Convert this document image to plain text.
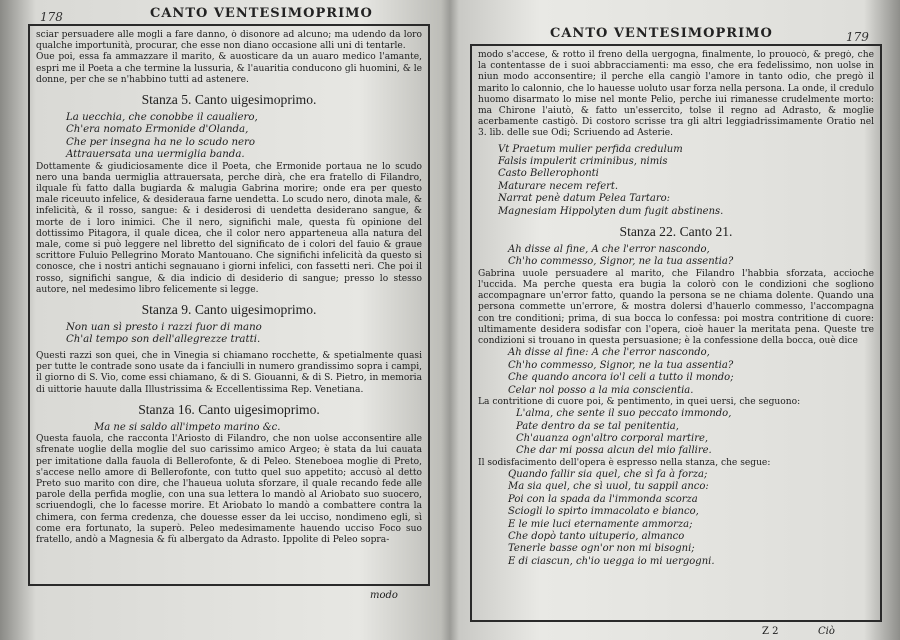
178	CANTO VENTESIMOPRIMO

sciar persuadere alle mogli a fare danno, ò disonore ad alcuno; ma udendo da loro qualche importunità, procurar, che esse non diano occasione alli uni di tentarle.
Oue poi, essa fa ammazzare il marito, & auosticare da un auaro medico l'amante, espri me il Poeta a che termine la lussuria, & l'auaritia conducono gli huomini, & le donne, per che se n'habbino tutti ad astenere.

Stanza 5. Canto uigesimoprimo.

La uecchia, che conobbe il caualiero,
Ch'era nomato Ermonide d'Olanda,
Che per insegna ha ne lo scudo nero
Attrauersata una uermiglia banda.

Dottamente & giudiciosamente dice il Poeta, che Ermonide portaua ne lo scudo nero una banda uermiglia attrauersata, perche dirà, che era fratello di Filandro, ilquale fù fatto dalla bugiarda & malugia Gabrina morire; onde era per questo male riceuuto infelice, & desideraua farne uendetta. Lo scudo nero, dinota male, & infelicità, & il rosso, sangue: & i desiderosi di uendetta desiderano sangue, & morte de i loro inimici. Che il nero, significhi male, questa fù opinione del dottissimo Pitagora, il quale dicea, che il color nero apparteneua alla natura del male, come si può leggere nel libretto del significato de i colori del fauio & graue scrittore Fuluio Pellegrino Morato Mantouano. Che significhi infelicità da questo si conosce, che i nostri antichi segnauano i giorni infelici, con fassetti neri. Che poi il rosso, significhi sangue, & dia indicio di desiderio di sangue; presso lo stesso autore, nel medesimo libro felicemente si legge.

Stanza 9. Canto uigesimoprimo.

Non uan sì presto i razzi fuor di mano
Ch'al tempo son dell'allegrezze tratti.

Questi razzi son quei, che in Vinegia si chiamano rocchette, & spetialmente quasi per tutte le contrade sono usate da i fanciulli in numero grandissimo sopra i campi, il giorno di S. Vio, come essi chiamano, & di S. Giouanni, & di S. Pietro, in memoria di uittorie hauute dalla Illustrissima & Eccellentissima Rep. Venetiana.

Stanza 16. Canto uigesimoprimo.

Ma ne si saldo all'impeto marino &c.

Questa fauola, che racconta l'Ariosto di Filandro, che non uolse acconsentire alle sfrenate uoglie della moglie del suo carissimo amico Argeo; è stata da lui cauata per imitatione dalla fauola di Bellerofonte, & di Peleo. Steneboea moglie di Preto, s'accese nello amore di Bellerofonte, con tutto quel suo appetito; accusò al detto Preto suo marito con dire, che l'haueua uoluta sforzare, il quale recando fede alle parole della perfida moglie, con una sua lettera lo mandò al Ariobato suo suocero, scriuendogli, che lo facesse morire. Et Ariobato lo mandò a combattere contra la chimera, con ferma credenza, che douesse esser da lei ucciso, nondimeno egli, sì come era fortunato, la superò. Peleo medesimamente hauendo ucciso Foco suo fratello, andò a Magnesia & fù albergato da Adrasto. Ippolite di Peleo sopra-

modo
CANTO VENTESIMOPRIMO	179

modo s'accese, & rotto il freno della uergogna, finalmente, lo prouocò, & pregò, che la contentasse de i suoi abbracciamenti: ma esso, che era fedelissimo, non uolse in niun modo acconsentire; il perche ella cangiò l'amore in tanto odio, che pregò il marito lo calonnio, che lo hauesse uoluto usar forza nella persona. La onde, il credulo huomo disarmato lo mise nel monte Pelio, perche iui rimanesse crudelmente morto: ma Chirone l'aiutò, & fatto un'essercito, tolse il regno ad Adrasto, & moglie acerbamente castigò. Di costoro scrisse tra gli altri leggiadrissimamente Oratio nel 3. lib. delle sue Odi; Scriuendo ad Asterie.

Vt Praetum mulier perfida credulum
Falsis impulerit criminibus, nimis
Casto Bellerophonti
Maturare necem refert.

Narrat penè datum Pelea Tartaro:
Magnesiam Hippolyten dum fugit abstinens.

Stanza 22. Canto 21.

Ah disse al fine, A che l'error nascondo,
Ch'ho commesso, Signor, ne la tua assentia?

Gabrina uuole persuadere al marito, che Filandro l'habbia sforzata, accioche l'uccida. Ma perche questa era bugia la colorò con le condizioni che sogliono accompagnare un'error fatto, quando la persona se ne chiama dolente. Quando una persona commette un'errore, & mostra dolersi d'hauerlo commesso, l'accompagna con tre conditioni; prima, di sua bocca lo confessa: poi mostra contritione di cuore: ultimamente desidera sodisfar con l'opera, cioè hauer la meritata pena. Queste tre condizioni si trouano in questa persuasione; è la confessione della bocca, ouè dice

Ah disse al fine: A che l'error nascondo,
Ch'ho commesso, Signor, ne la tua assentia?
Che quando ancora io'l celi a tutto il mondo;
Celar nol posso a la mia conscientia.

La contritione di cuore poi, & pentimento, in quei uersi, che seguono:

L'alma, che sente il suo peccato immondo,
Pate dentro da se tal penitentia,
Ch'auanza ogn'altro corporal martire,
Che dar mi possa alcun del mio fallire.

Il sodisfacimento dell'opera è espresso nella stanza, che segue:

Quando fallir sia quel, che sì fa à forza;
Ma sia quel, che sì uuol, tu sappil anco:
Poi con la spada da l'immonda scorza
Sciogli lo spirto immacolato e bianco,
E le mie luci eternamente ammorza;
Che dopò tanto uituperio, almanco
Tenerle basse ogn'or non mi bisogni;
E di ciascun, ch'io uegga io mi uergogni.

Z 2	Ciò
